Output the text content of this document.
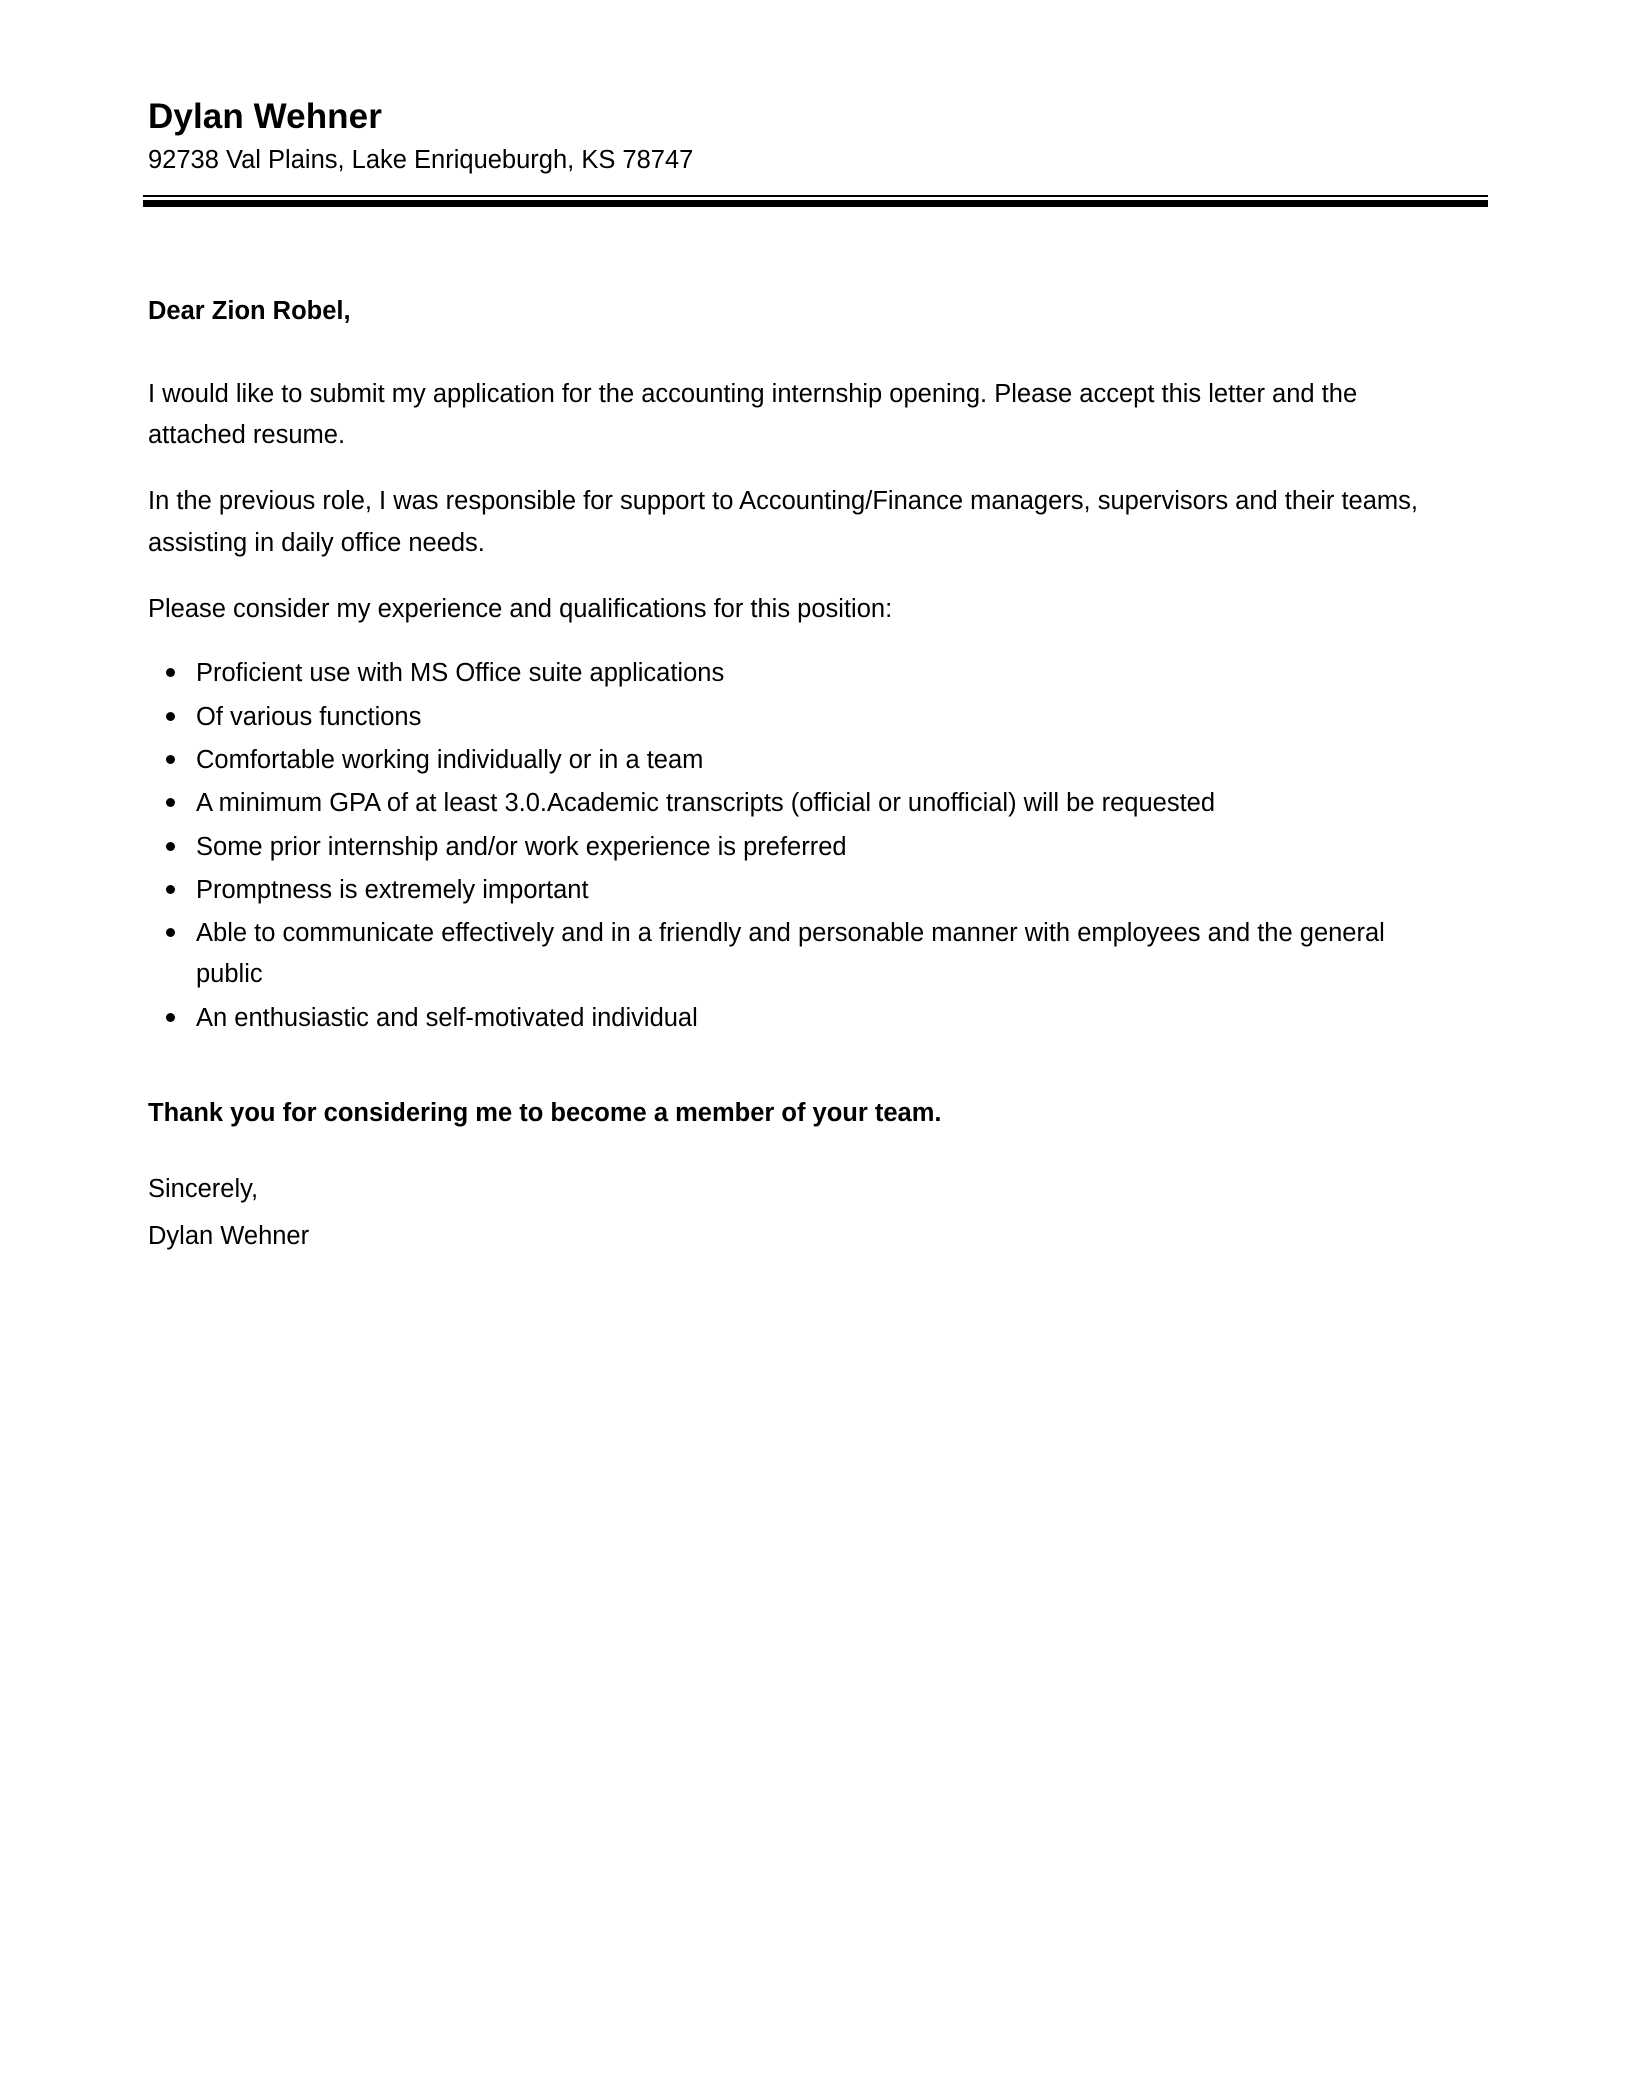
Dylan Wehner
92738 Val Plains, Lake Enriqueburgh, KS 78747
Dear Zion Robel,

I would like to submit my application for the accounting internship opening. Please accept this letter and the attached resume.

In the previous role, I was responsible for support to Accounting/Finance managers, supervisors and their teams, assisting in daily office needs.

Please consider my experience and qualifications for this position:

Proficient use with MS Office suite applications
Of various functions
Comfortable working individually or in a team
A minimum GPA of at least 3.0.Academic transcripts (official or unofficial) will be requested
Some prior internship and/or work experience is preferred
Promptness is extremely important
Able to communicate effectively and in a friendly and personable manner with employees and the general public
An enthusiastic and self-motivated individual
Thank you for considering me to become a member of your team.
Sincerely,
Dylan Wehner
